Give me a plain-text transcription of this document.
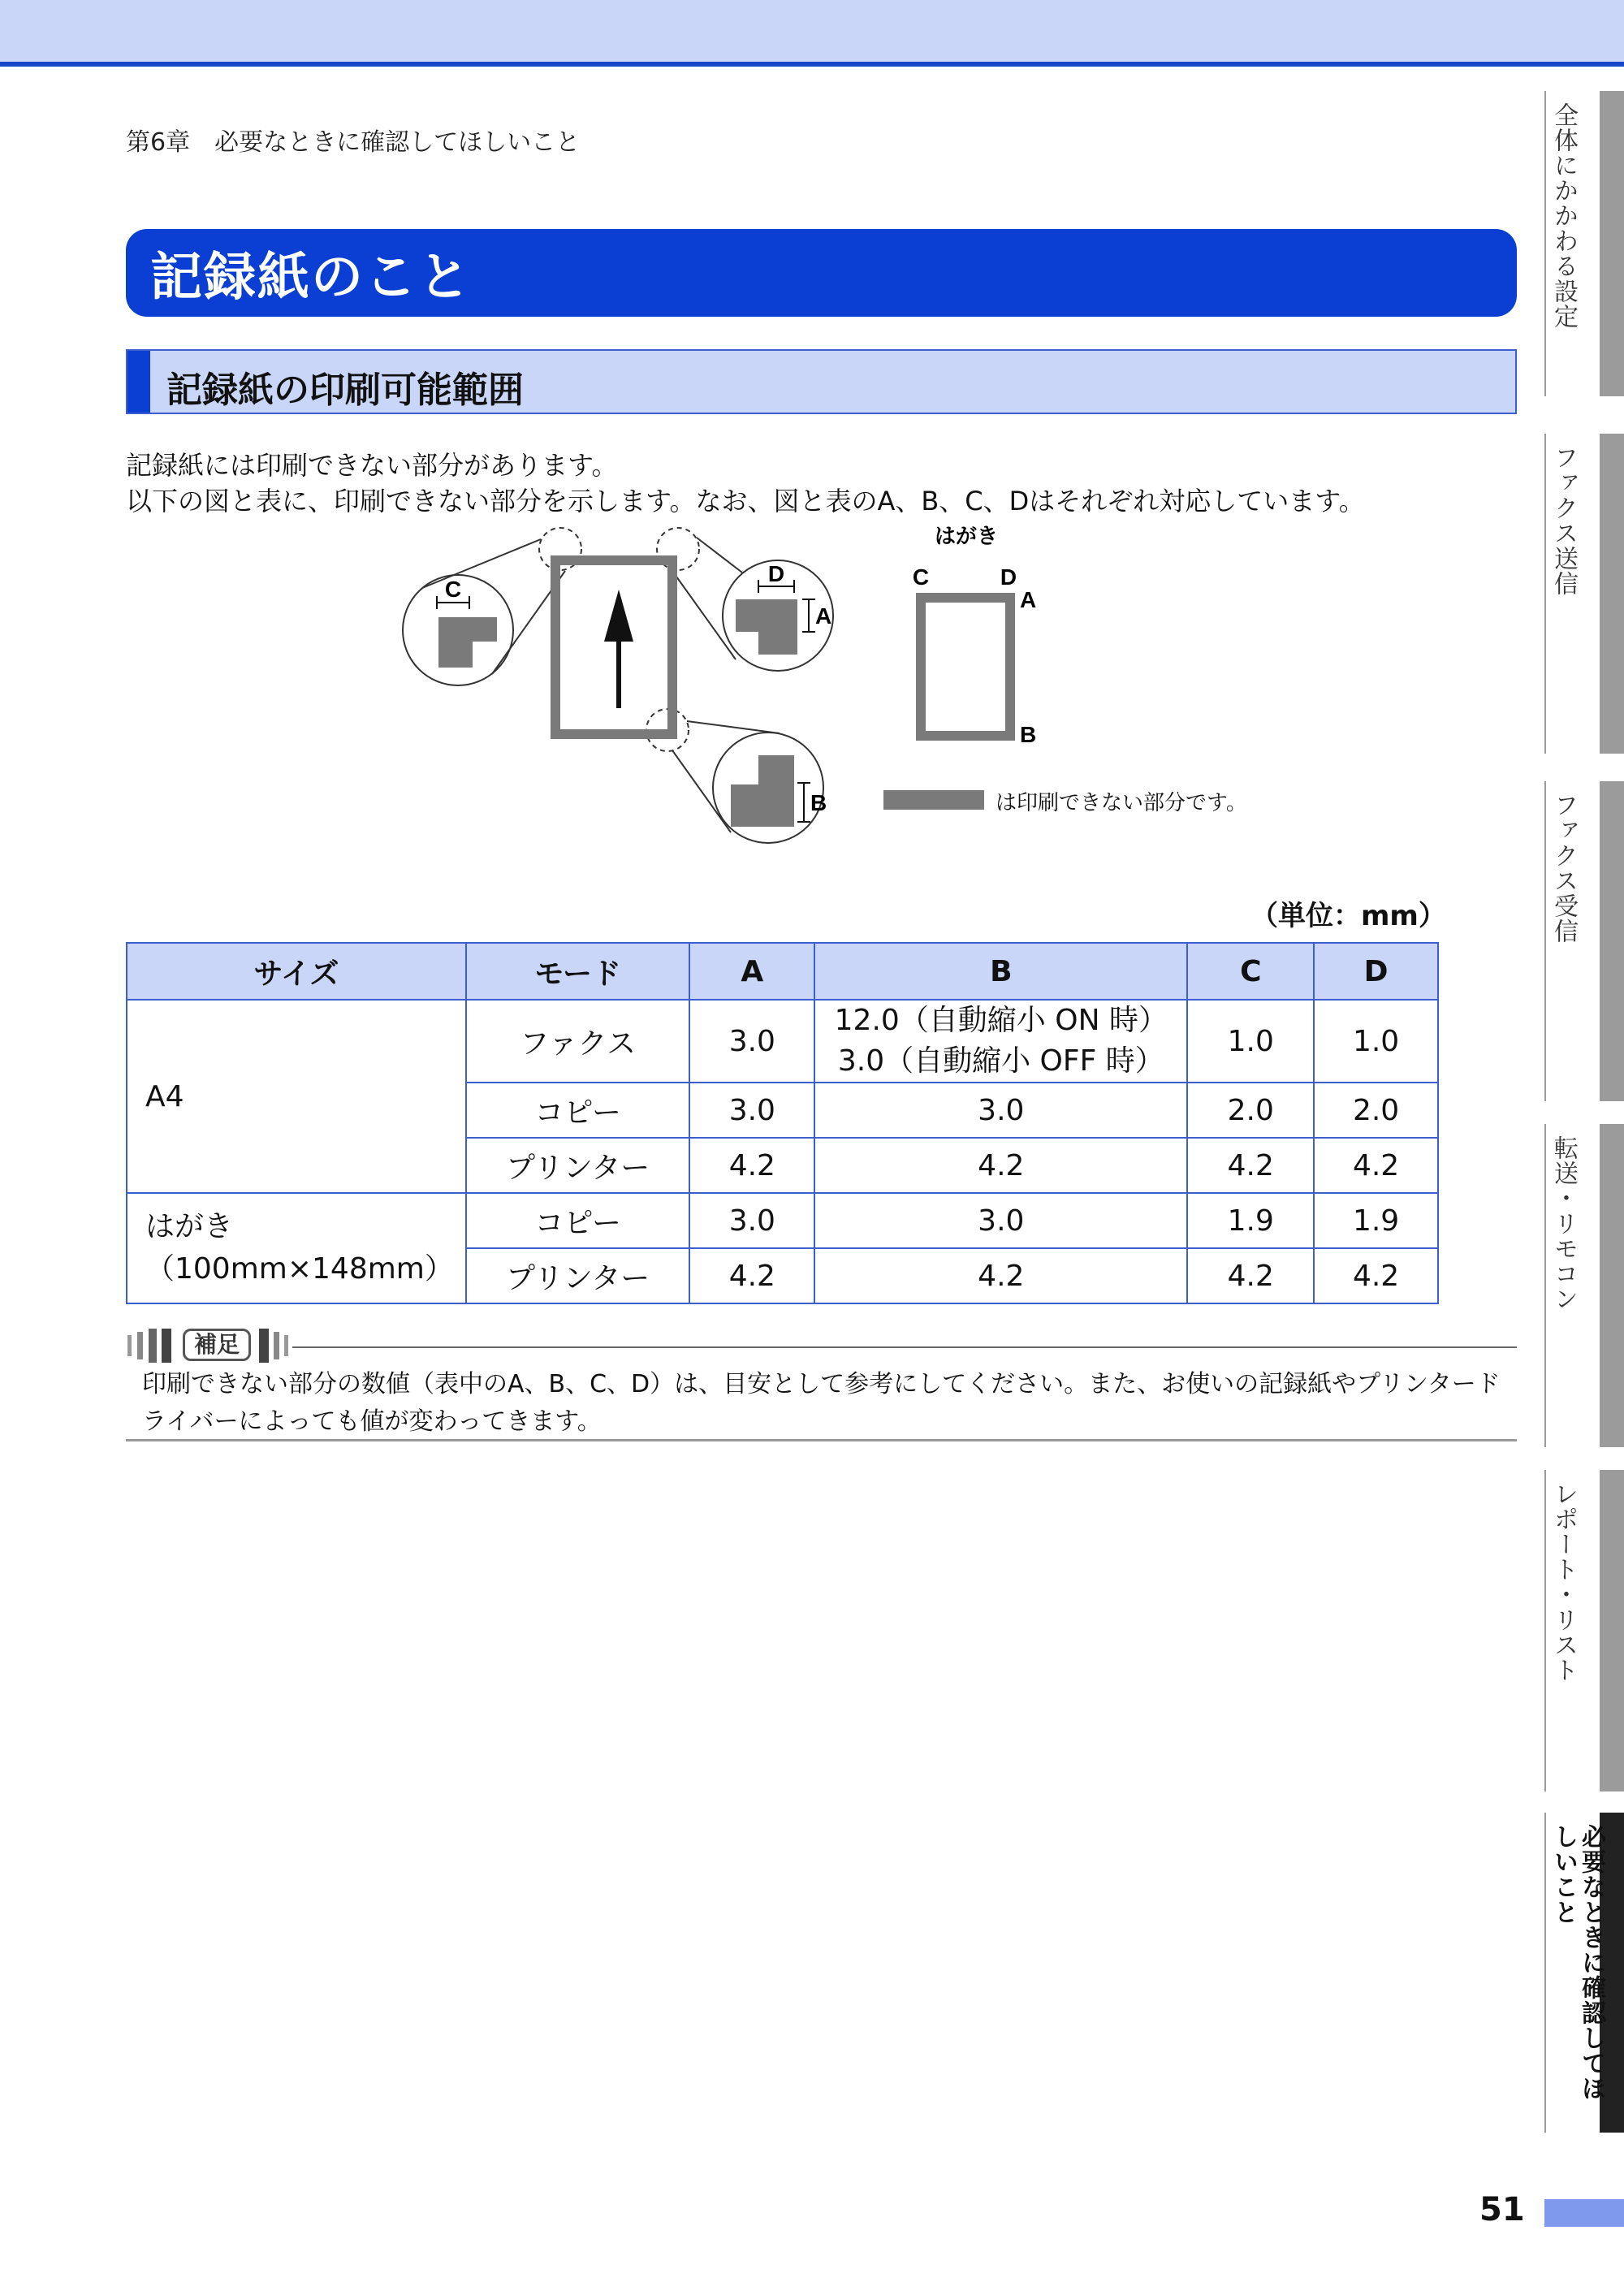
第6章　必要なときに確認してほしいこと
記録紙のこと
記録紙の印刷可能範囲
記録紙には印刷できない部分があります。
以下の図と表に、印刷できない部分を示します。なお、図と表のA、B、C、Dはそれぞれ対応しています。
C
D
A
B
はがき
C	D
A
B
は印刷できない部分です。
（単位：mm）
サイズ	モード	A	B	C	D
A4	ファクス	3.0	12.0（自動縮小 ON 時）
3.0（自動縮小 OFF 時）	1.0	1.0
	コピー	3.0	3.0	2.0	2.0
	プリンター	4.2	4.2	4.2	4.2

はがき
（100mm×148mm）	コピー	3.0	3.0	1.9	1.9
	プリンター	4.2	4.2	4.2	4.2
補足
印刷できない部分の数値（表中のA、B、C、D）は、目安として参考にしてください。また、お使いの記録紙やプリンタードライバーによっても値が変わってきます。
全体にかかわる設定
ファクス送信
ファクス受信
転送・リモコン
レポート・リスト
必要なときに確認してほしいこと
51
